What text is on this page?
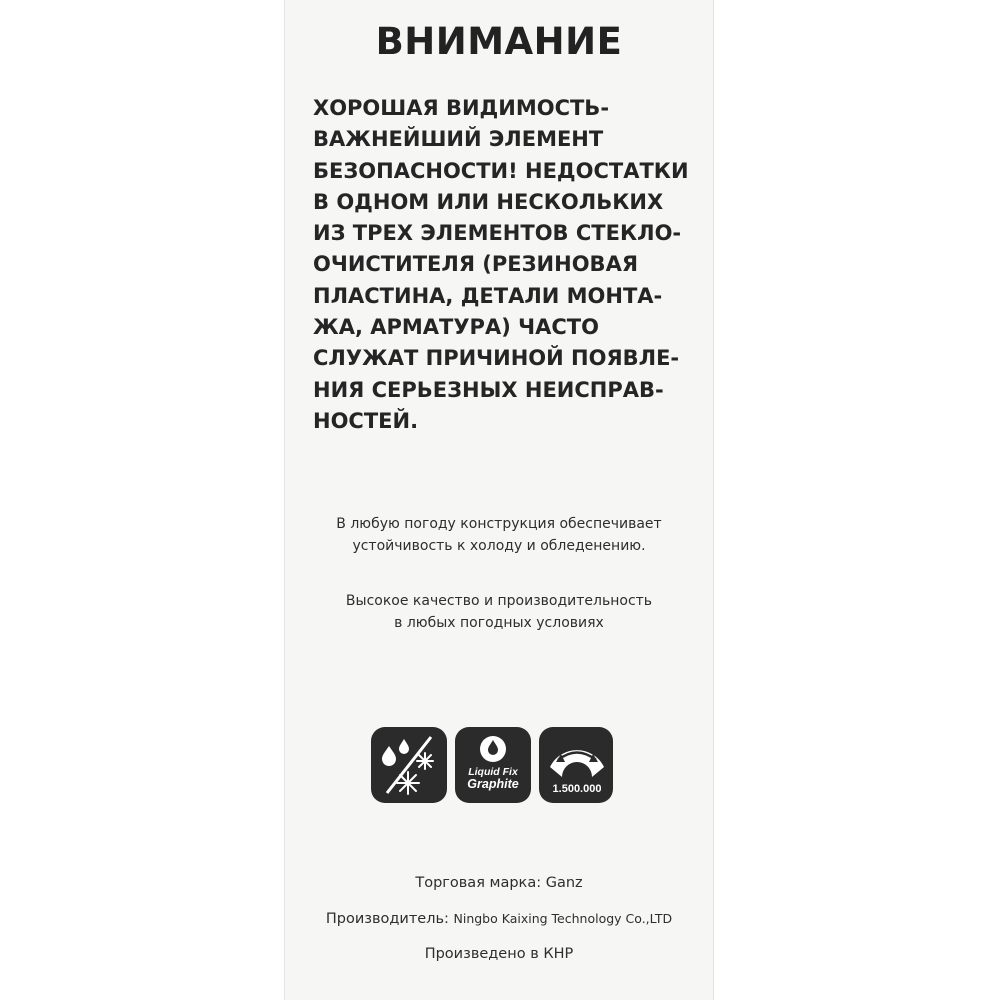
ВНИМАНИЕ

ХОРОШАЯ ВИДИМОСТЬ-
ВАЖНЕЙШИЙ ЭЛЕМЕНТ
БЕЗОПАСНОСТИ! НЕДОСТАТКИ
В ОДНОМ ИЛИ НЕСКОЛЬКИХ
ИЗ ТРЕХ ЭЛЕМЕНТОВ СТЕКЛО-
ОЧИСТИТЕЛЯ (РЕЗИНОВАЯ
ПЛАСТИНА, ДЕТАЛИ МОНТА-
ЖА, АРМАТУРА) ЧАСТО
СЛУЖАТ ПРИЧИНОЙ ПОЯВЛЕ-
НИЯ СЕРЬЕЗНЫХ НЕИСПРАВ-
НОСТЕЙ.

В любую погоду конструкция обеспечивает
устойчивость к холоду и обледенению.
Высокое качество и производительность
в любых погодных условиях
Liquid Fix
Graphite	1.500.000
Торговая марка: Ganz
Производитель: Ningbo Kaixing Technology Co.,LTD
Произведено в КНР
